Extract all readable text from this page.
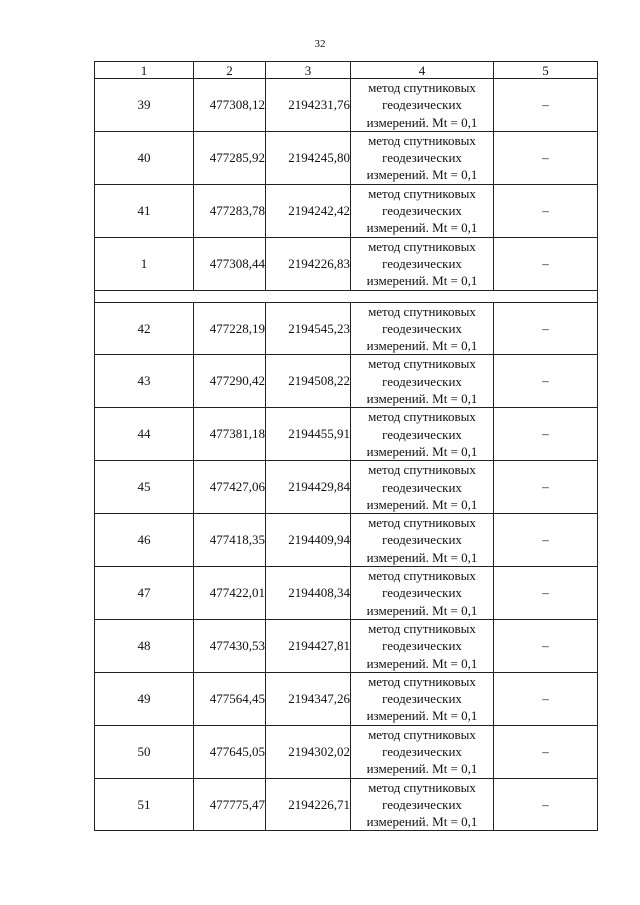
32
1	2	3	4	5
39	477308,12	2194231,76	метод спутниковых
геодезических
измерений. Mt = 0,1	–
40	477285,92	2194245,80	метод спутниковых
геодезических
измерений. Mt = 0,1	–
41	477283,78	2194242,42	метод спутниковых
геодезических
измерений. Mt = 0,1	–
1	477308,44	2194226,83	метод спутниковых
геодезических
измерений. Mt = 0,1	–

42	477228,19	2194545,23	метод спутниковых
геодезических
измерений. Mt = 0,1	–
43	477290,42	2194508,22	метод спутниковых
геодезических
измерений. Mt = 0,1	–
44	477381,18	2194455,91	метод спутниковых
геодезических
измерений. Mt = 0,1	–
45	477427,06	2194429,84	метод спутниковых
геодезических
измерений. Mt = 0,1	–
46	477418,35	2194409,94	метод спутниковых
геодезических
измерений. Mt = 0,1	–
47	477422,01	2194408,34	метод спутниковых
геодезических
измерений. Mt = 0,1	–
48	477430,53	2194427,81	метод спутниковых
геодезических
измерений. Mt = 0,1	–
49	477564,45	2194347,26	метод спутниковых
геодезических
измерений. Mt = 0,1	–
50	477645,05	2194302,02	метод спутниковых
геодезических
измерений. Mt = 0,1	–
51	477775,47	2194226,71	метод спутниковых
геодезических
измерений. Mt = 0,1	–
